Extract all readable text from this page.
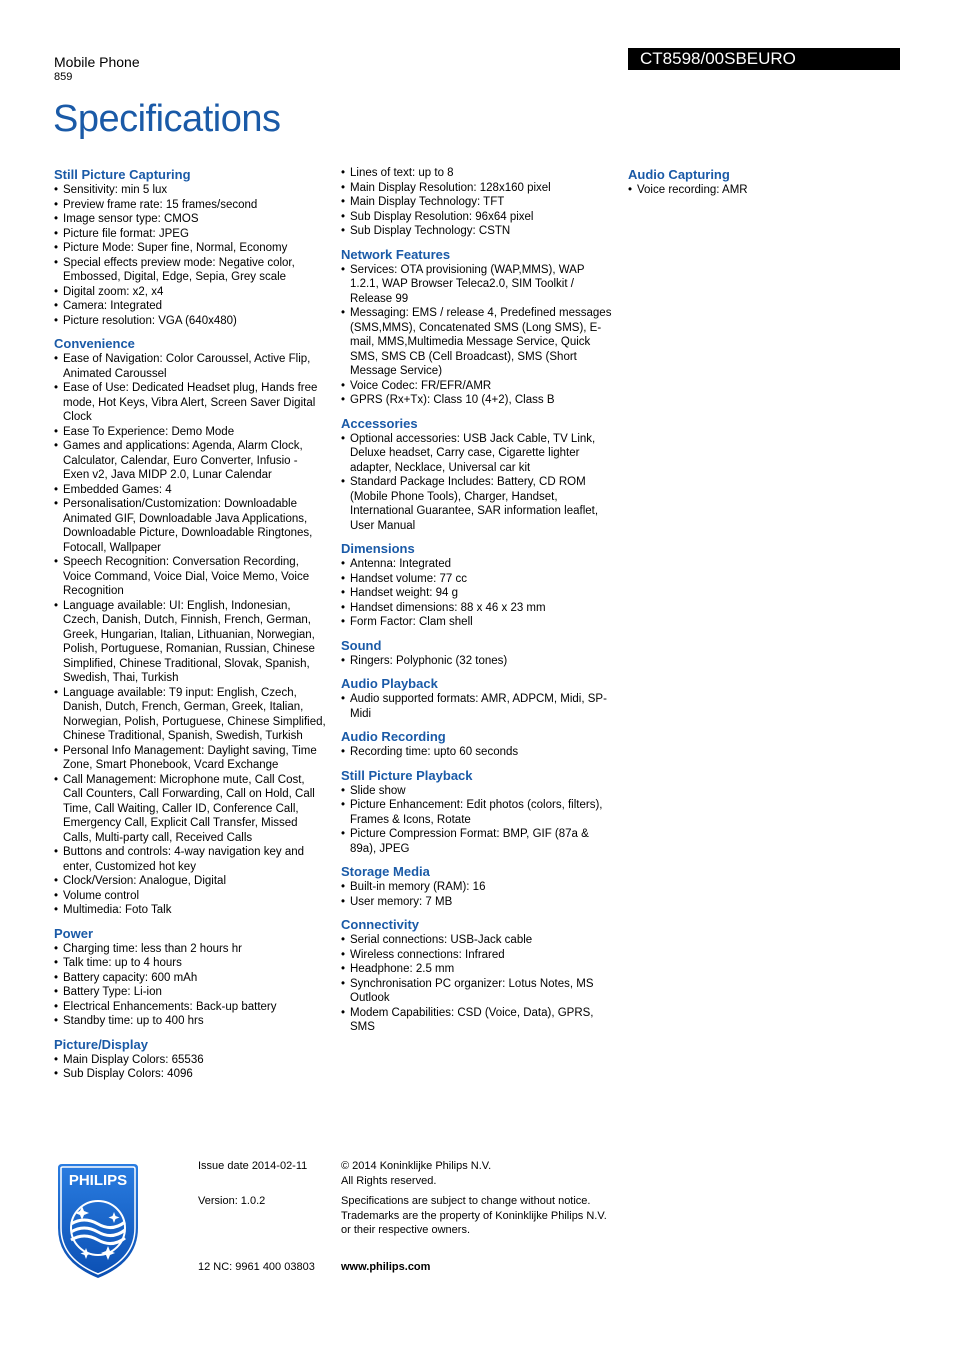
Mobile Phone
859
Specifications
CT8598/00SBEURO
Still Picture Capturing
• Sensitivity: min 5 lux
• Preview frame rate: 15 frames/second
• Image sensor type: CMOS
• Picture file format: JPEG
• Picture Mode: Super fine, Normal, Economy
• Special effects preview mode: Negative color, Embossed, Digital, Edge, Sepia, Grey scale
• Digital zoom: x2, x4
• Camera: Integrated
• Picture resolution: VGA (640x480)
Convenience
• Ease of Navigation: Color Caroussel, Active Flip, Animated Caroussel
• Ease of Use: Dedicated Headset plug, Hands free mode, Hot Keys, Vibra Alert, Screen Saver Digital Clock
• Ease To Experience: Demo Mode
• Games and applications: Agenda, Alarm Clock, Calculator, Calendar, Euro Converter, Infusio - Exen v2, Java MIDP 2.0, Lunar Calendar
• Embedded Games: 4
• Personalisation/Customization: Downloadable Animated GIF, Downloadable Java Applications, Downloadable Picture, Downloadable Ringtones, Fotocall, Wallpaper
• Speech Recognition: Conversation Recording, Voice Command, Voice Dial, Voice Memo, Voice Recognition
• Language available: UI: English, Indonesian, Czech, Danish, Dutch, Finnish, French, German, Greek, Hungarian, Italian, Lithuanian, Norwegian, Polish, Portuguese, Romanian, Russian, Chinese Simplified, Chinese Traditional, Slovak, Spanish, Swedish, Thai, Turkish
• Language available: T9 input: English, Czech, Danish, Dutch, French, German, Greek, Italian, Norwegian, Polish, Portuguese, Chinese Simplified, Chinese Traditional, Spanish, Swedish, Turkish
• Personal Info Management: Daylight saving, Time Zone, Smart Phonebook, Vcard Exchange
• Call Management: Microphone mute, Call Cost, Call Counters, Call Forwarding, Call on Hold, Call Time, Call Waiting, Caller ID, Conference Call, Emergency Call, Explicit Call Transfer, Missed Calls, Multi-party call, Received Calls
• Buttons and controls: 4-way navigation key and enter, Customized hot key
• Clock/Version: Analogue, Digital
• Volume control
• Multimedia: Foto Talk
Power
• Charging time: less than 2 hours hr
• Talk time: up to 4 hours
• Battery capacity: 600 mAh
• Battery Type: Li-ion
• Electrical Enhancements: Back-up battery
• Standby time: up to 400 hrs
Picture/Display
• Main Display Colors: 65536
• Sub Display Colors: 4096
• Lines of text: up to 8
• Main Display Resolution: 128x160 pixel
• Main Display Technology: TFT
• Sub Display Resolution: 96x64 pixel
• Sub Display Technology: CSTN
Network Features
• Services: OTA provisioning (WAP,MMS), WAP 1.2.1, WAP Browser Teleca2.0, SIM Toolkit / Release 99
• Messaging: EMS / release 4, Predefined messages (SMS,MMS), Concatenated SMS (Long SMS), E-mail, MMS,Multimedia Message Service, Quick SMS, SMS CB (Cell Broadcast), SMS (Short Message Service)
• Voice Codec: FR/EFR/AMR
• GPRS (Rx+Tx): Class 10 (4+2), Class B
Accessories
• Optional accessories: USB Jack Cable, TV Link, Deluxe headset, Carry case, Cigarette lighter adapter, Necklace, Universal car kit
• Standard Package Includes: Battery, CD ROM (Mobile Phone Tools), Charger, Handset, International Guarantee, SAR information leaflet, User Manual
Dimensions
• Antenna: Integrated
• Handset volume: 77 cc
• Handset weight: 94 g
• Handset dimensions: 88 x 46 x 23 mm
• Form Factor: Clam shell
Sound
• Ringers: Polyphonic (32 tones)
Audio Playback
• Audio supported formats: AMR, ADPCM, Midi, SP-Midi
Audio Recording
• Recording time: upto 60 seconds
Still Picture Playback
• Slide show
• Picture Enhancement: Edit photos (colors, filters), Frames & Icons, Rotate
• Picture Compression Format: BMP, GIF (87a & 89a), JPEG
Storage Media
• Built-in memory (RAM): 16
• User memory: 7 MB
Connectivity
• Serial connections: USB-Jack cable
• Wireless connections: Infrared
• Headphone: 2.5 mm
• Synchronisation PC organizer: Lotus Notes, MS Outlook
• Modem Capabilities: CSD (Voice, Data), GPRS, SMS
Audio Capturing
• Voice recording: AMR
PHILIPS
Issue date 2014-02-11
Version: 1.0.2
12 NC: 9961 400 03803
© 2014 Koninklijke Philips N.V.
All Rights reserved.
Specifications are subject to change without notice.
Trademarks are the property of Koninklijke Philips N.V.
or their respective owners.
www.philips.com
